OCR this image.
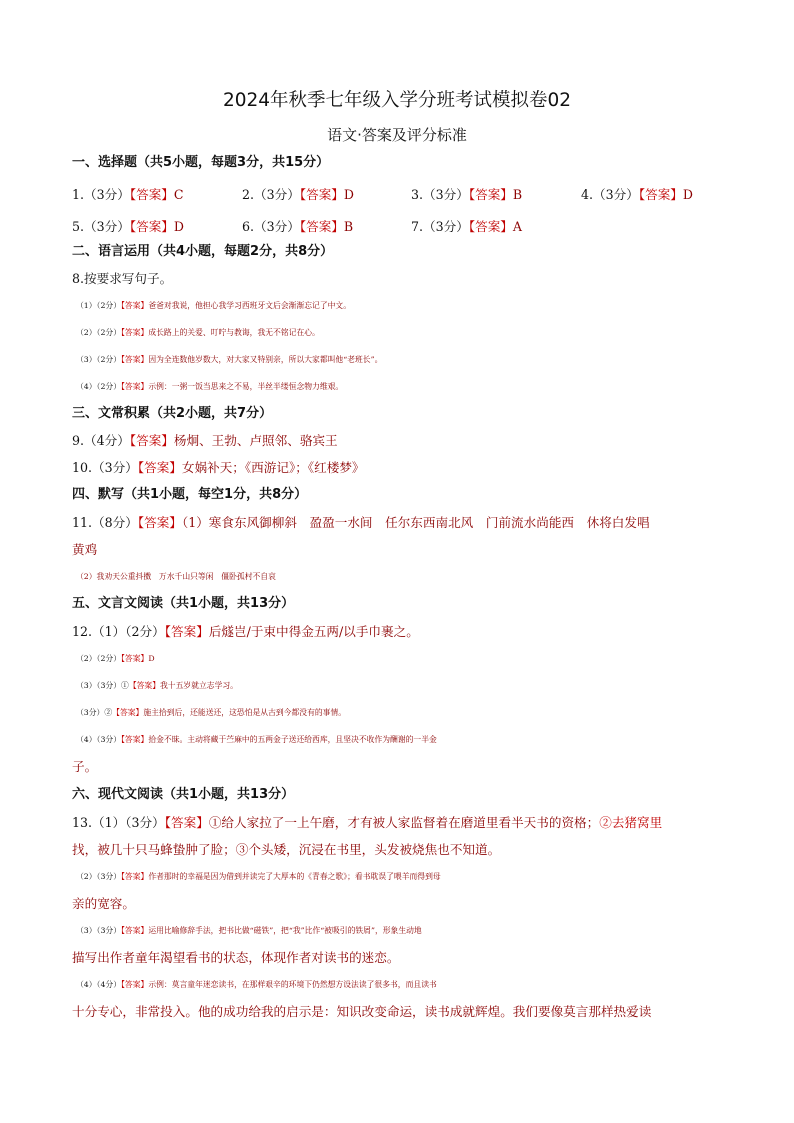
2024年秋季七年级入学分班考试模拟卷02
语文·答案及评分标准
一、选择题（共5小题，每题3分，共15分）
1.（3分）【答案】C	2.（3分）【答案】D	3.（3分）【答案】B	4.（3分）【答案】D
5.（3分）【答案】D	6.（3分）【答案】B	7.（3分）【答案】A
二、语言运用（共4小题，每题2分，共8分）
8.按要求写句子。
（1）（2分）【答案】爸爸对我说，他担心我学习西班牙文后会渐渐忘记了中文。
（2）（2分）【答案】成长路上的关爱、叮咛与教诲，我无不铭记在心。
（3）（2分）【答案】因为全连数他岁数大，对大家又特别亲，所以大家都叫他“老班长”。
（4）（2分）【答案】示例：一粥一饭当思来之不易，半丝半缕恒念物力维艰。
三、文常积累（共2小题，共7分）
9.（4分）【答案】杨炯、王勃、卢照邻、骆宾王
10.（3分）【答案】女娲补天；《西游记》；《红楼梦》
四、默写（共1小题，每空1分，共8分）
11.（8分）【答案】（1）寒食东风御柳斜　盈盈一水间　任尔东西南北风　门前流水尚能西　休将白发唱
黄鸡
（2）我劝天公重抖擞　万水千山只等闲　僵卧孤村不自哀
五、文言文阅读（共1小题，共13分）
12.（1）（2分）【答案】后燧岂/于束中得金五两/以手巾裹之。
（2）（2分）【答案】D
（3）（3分）①【答案】我十五岁就立志学习。
（3分）②【答案】施主拾到后，还能送还，这恐怕是从古到今都没有的事情。
（4）（3分）【答案】拾金不昧。主动将藏于苎麻中的五两金子送还给西库，且坚决不收作为酬谢的一半金
子。
六、现代文阅读（共1小题，共13分）
13.（1）（3分）【答案】①给人家拉了一上午磨，才有被人家监督着在磨道里看半天书的资格；②去猪窝里
找，被几十只马蜂蛰肿了脸；③个头矮，沉浸在书里，头发被烧焦也不知道。
（2）（3分）【答案】作者那时的幸福是因为借到并读完了大厚本的《青春之歌》；看书耽误了喂羊而得到母
亲的宽容。
（3）（3分）【答案】运用比喻修辞手法，把书比做“磁铁”，把“我”比作“被吸引的铁屑”，形象生动地
描写出作者童年渴望看书的状态，体现作者对读书的迷恋。
（4）（4分）【答案】示例：莫言童年迷恋读书，在那样艰辛的环境下仍然想方设法读了很多书，而且读书
十分专心，非常投入。他的成功给我的启示是：知识改变命运，读书成就辉煌。我们要像莫言那样热爱读
